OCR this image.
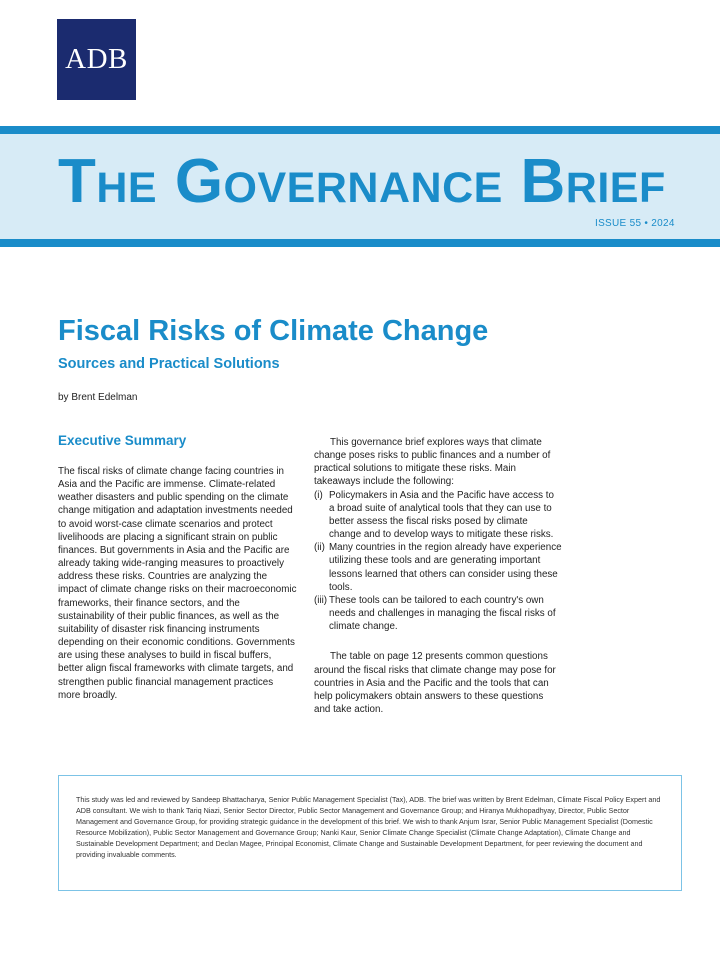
ADB
The Governance Brief
ISSUE 55 • 2024
Fiscal Risks of Climate Change
Sources and Practical Solutions
by Brent Edelman
Executive Summary

The fiscal risks of climate change facing countries in Asia and the Pacific are immense. Climate-related weather disasters and public spending on the climate change mitigation and adaptation investments needed to avoid worst-case climate scenarios and protect livelihoods are placing a significant strain on public finances. But governments in Asia and the Pacific are already taking wide-ranging measures to proactively address these risks. Countries are analyzing the impact of climate change risks on their macroeconomic frameworks, their finance sectors, and the sustainability of their public finances, as well as the suitability of disaster risk financing instruments depending on their economic conditions. Governments are using these analyses to build in fiscal buffers, better align fiscal frameworks with climate targets, and strengthen public financial management practices more broadly.

This governance brief explores ways that climate change poses risks to public finances and a number of practical solutions to mitigate these risks. Main takeaways include the following:

(i) Policymakers in Asia and the Pacific have access to a broad suite of analytical tools that they can use to better assess the fiscal risks posed by climate change and to develop ways to mitigate these risks.
(ii) Many countries in the region already have experience utilizing these tools and are generating important lessons learned that others can consider using these tools.
(iii) These tools can be tailored to each country's own needs and challenges in managing the fiscal risks of climate change.

The table on page 12 presents common questions around the fiscal risks that climate change may pose for countries in Asia and the Pacific and the tools that can help policymakers obtain answers to these questions and take action.

This study was led and reviewed by Sandeep Bhattacharya, Senior Public Management Specialist (Tax), ADB. The brief was written by Brent Edelman, Climate Fiscal Policy Expert and ADB consultant. We wish to thank Tariq Niazi, Senior Sector Director, Public Sector Management and Governance Group; and Hiranya Mukhopadhyay, Director, Public Sector Management and Governance Group, for providing strategic guidance in the development of this brief. We wish to thank Anjum Israr, Senior Public Management Specialist (Domestic Resource Mobilization), Public Sector Management and Governance Group; Nanki Kaur, Senior Climate Change Specialist (Climate Change Adaptation), Climate Change and Sustainable Development Department; and Declan Magee, Principal Economist, Climate Change and Sustainable Development Department, for peer reviewing the document and providing invaluable comments.
